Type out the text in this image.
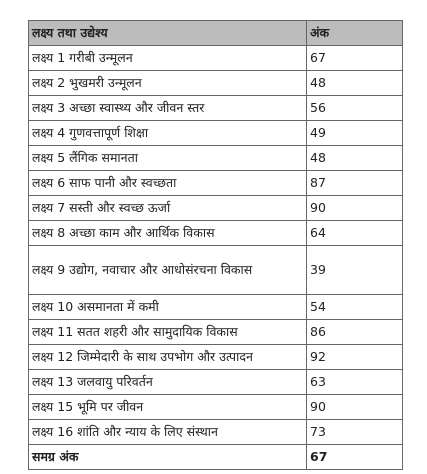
लक्ष्य तथा उद्येश्य	अंक
लक्ष्य 1 गरीबी उन्मूलन	67
लक्ष्य 2 भुखमरी उन्मूलन	48
लक्ष्य 3 अच्छा स्वास्थ्य और जीवन स्तर	56
लक्ष्य 4 गुणवत्तापूर्ण शिक्षा	49
लक्ष्य 5 लैंगिक समानता	48
लक्ष्य 6 साफ पानी और स्वच्छता	87
लक्ष्य 7 सस्ती और स्वच्छ ऊर्जा	90
लक्ष्य 8 अच्छा काम और आर्थिक विकास	64
लक्ष्य 9 उद्योग, नवाचार और आधोसंरचना विकास	39
लक्ष्य 10 असमानता में कमी	54
लक्ष्य 11 सतत शहरी और सामुदायिक विकास	86
लक्ष्य 12 जिम्मेदारी के साथ उपभोग और उत्पादन	92
लक्ष्य 13 जलवायु परिवर्तन	63
लक्ष्य 15 भूमि पर जीवन	90
लक्ष्य 16 शांति और न्याय के लिए संस्थान	73
समग्र अंक	67
